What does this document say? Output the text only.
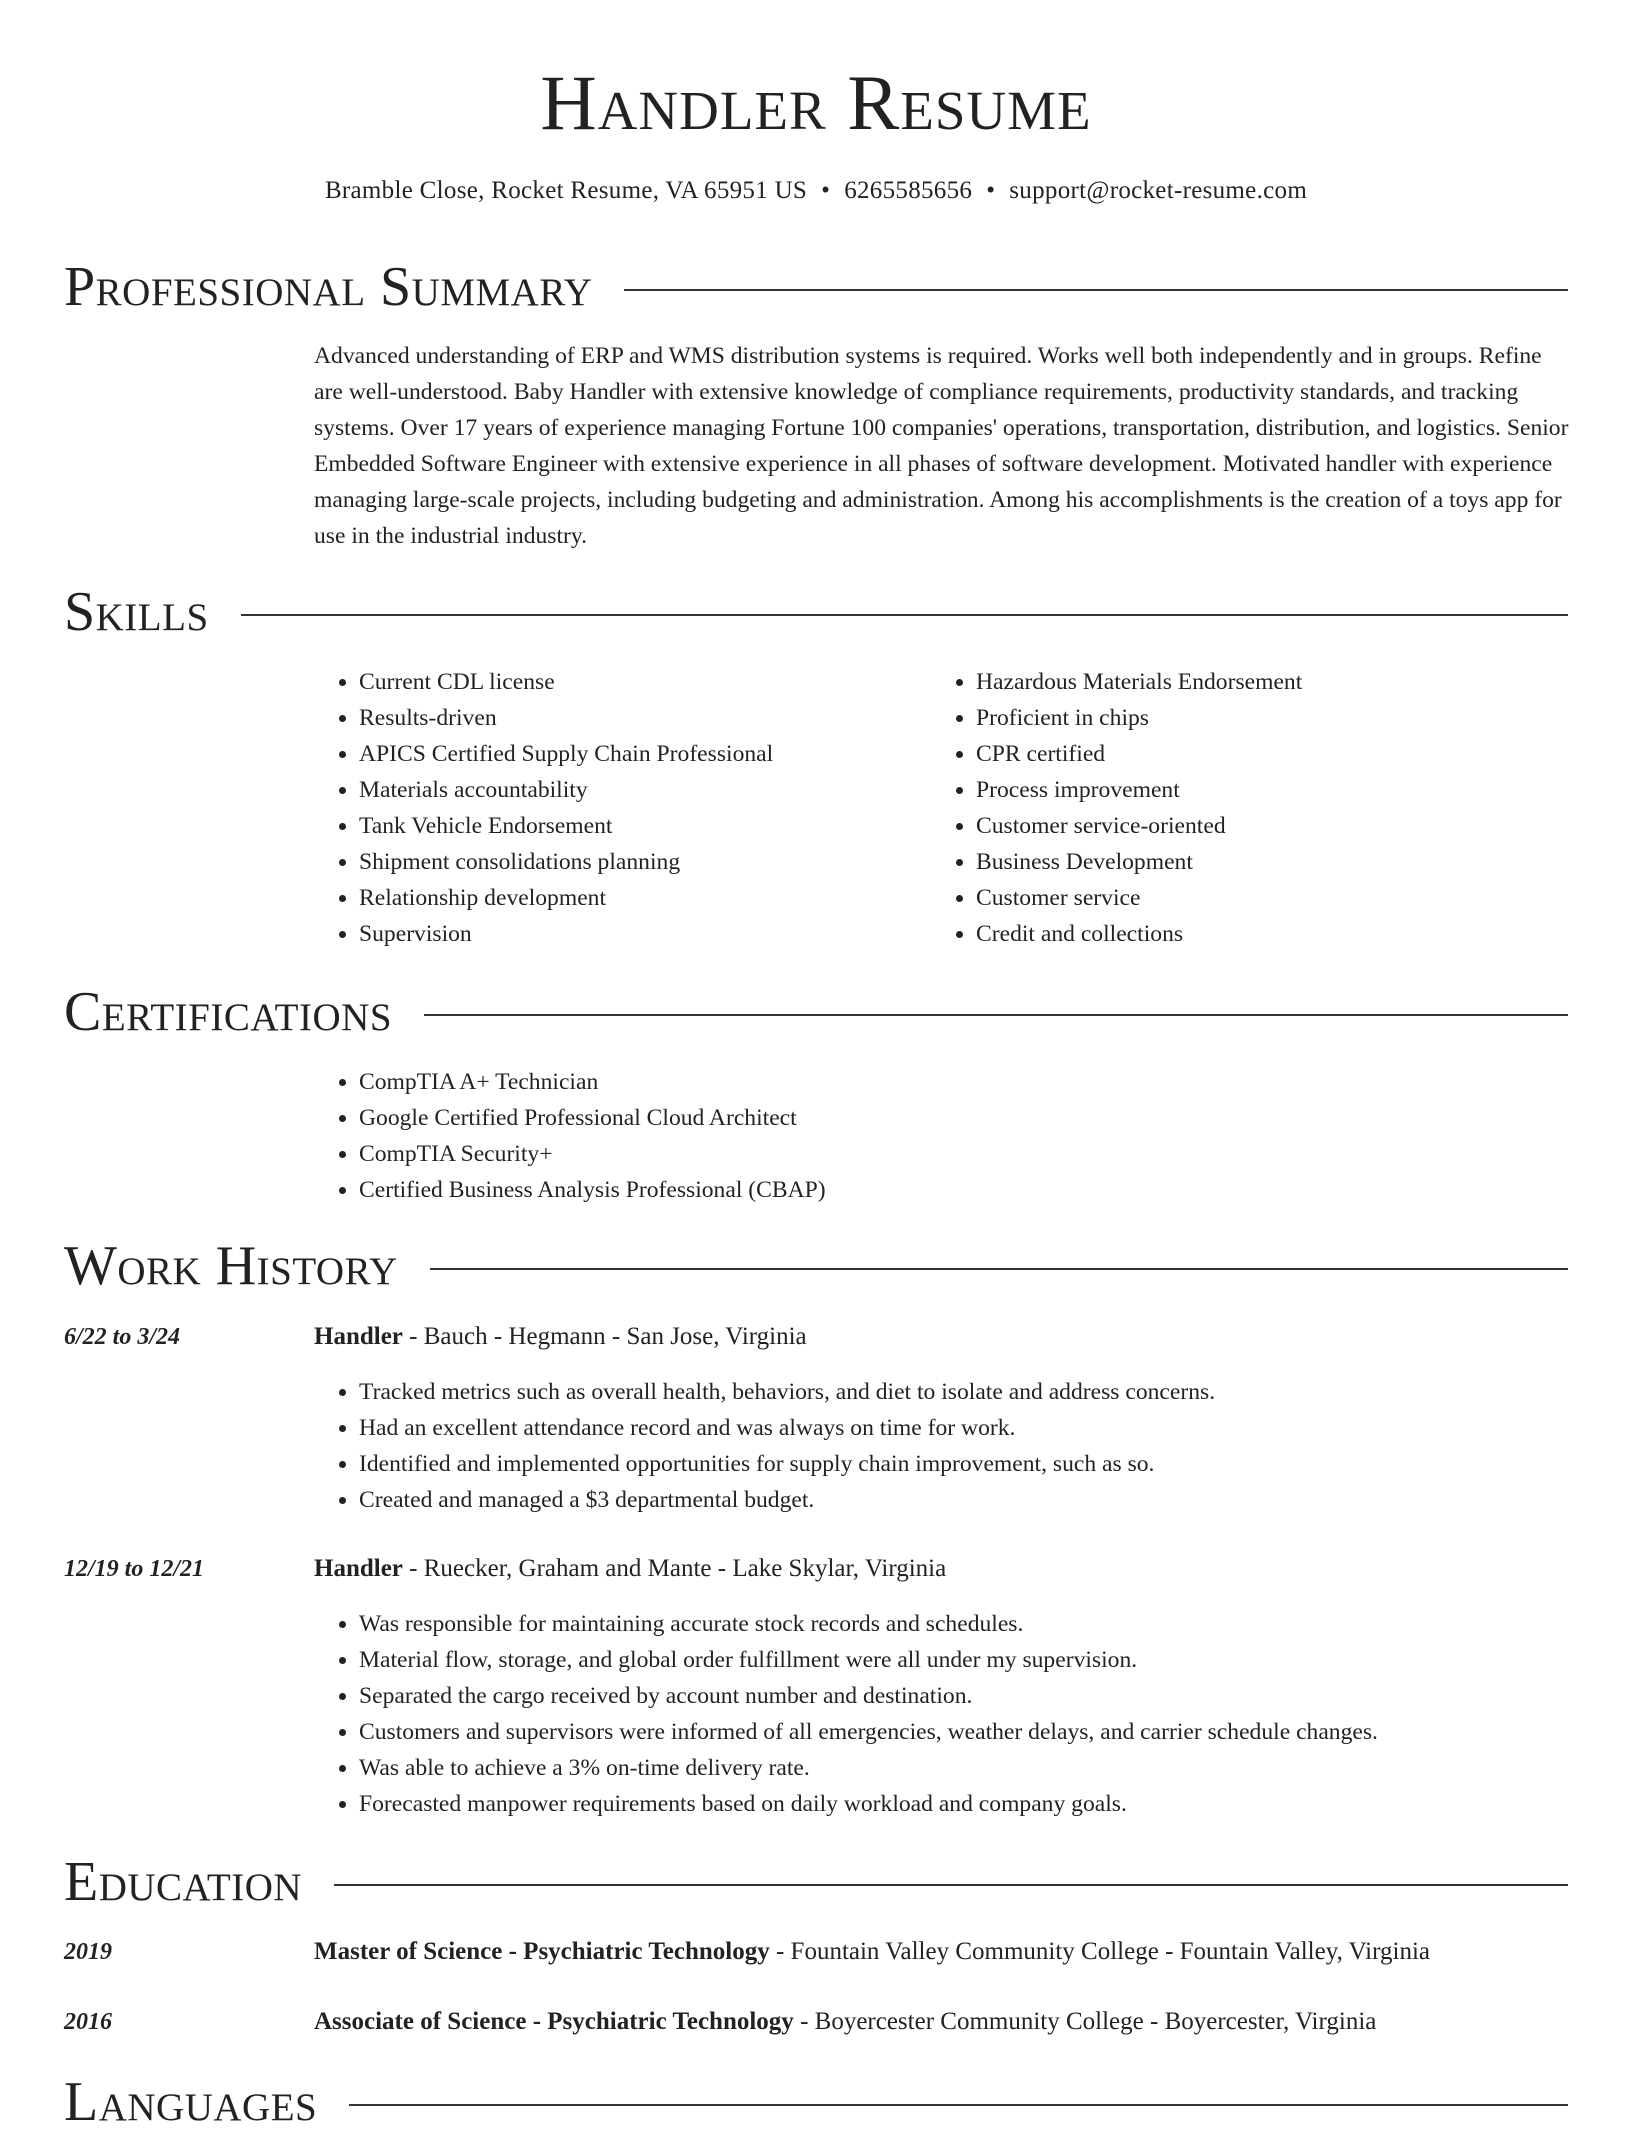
Handler Resume
Bramble Close, Rocket Resume, VA 65951 US • 6265585656 • support@rocket-resume.com
Professional Summary
Advanced understanding of ERP and WMS distribution systems is required. Works well both independently and in groups. Refine are well-understood. Baby Handler with extensive knowledge of compliance requirements, productivity standards, and tracking systems. Over 17 years of experience managing Fortune 100 companies' operations, transportation, distribution, and logistics. Senior Embedded Software Engineer with extensive experience in all phases of software development. Motivated handler with experience managing large-scale projects, including budgeting and administration. Among his accomplishments is the creation of a toys app for use in the industrial industry.
Skills
• Current CDL license
• Results-driven
• APICS Certified Supply Chain Professional
• Materials accountability
• Tank Vehicle Endorsement
• Shipment consolidations planning
• Relationship development
• Supervision
• Hazardous Materials Endorsement
• Proficient in chips
• CPR certified
• Process improvement
• Customer service-oriented
• Business Development
• Customer service
• Credit and collections
Certifications
• CompTIA A+ Technician
• Google Certified Professional Cloud Architect
• CompTIA Security+
• Certified Business Analysis Professional (CBAP)
Work History
6/22 to 3/24	Handler - Bauch - Hegmann - San Jose, Virginia
• Tracked metrics such as overall health, behaviors, and diet to isolate and address concerns.
• Had an excellent attendance record and was always on time for work.
• Identified and implemented opportunities for supply chain improvement, such as so.
• Created and managed a $3 departmental budget.
12/19 to 12/21	Handler - Ruecker, Graham and Mante - Lake Skylar, Virginia
• Was responsible for maintaining accurate stock records and schedules.
• Material flow, storage, and global order fulfillment were all under my supervision.
• Separated the cargo received by account number and destination.
• Customers and supervisors were informed of all emergencies, weather delays, and carrier schedule changes.
• Was able to achieve a 3% on-time delivery rate.
• Forecasted manpower requirements based on daily workload and company goals.
Education
2019	Master of Science - Psychiatric Technology - Fountain Valley Community College - Fountain Valley, Virginia
2016	Associate of Science - Psychiatric Technology - Boyercester Community College - Boyercester, Virginia
Languages
